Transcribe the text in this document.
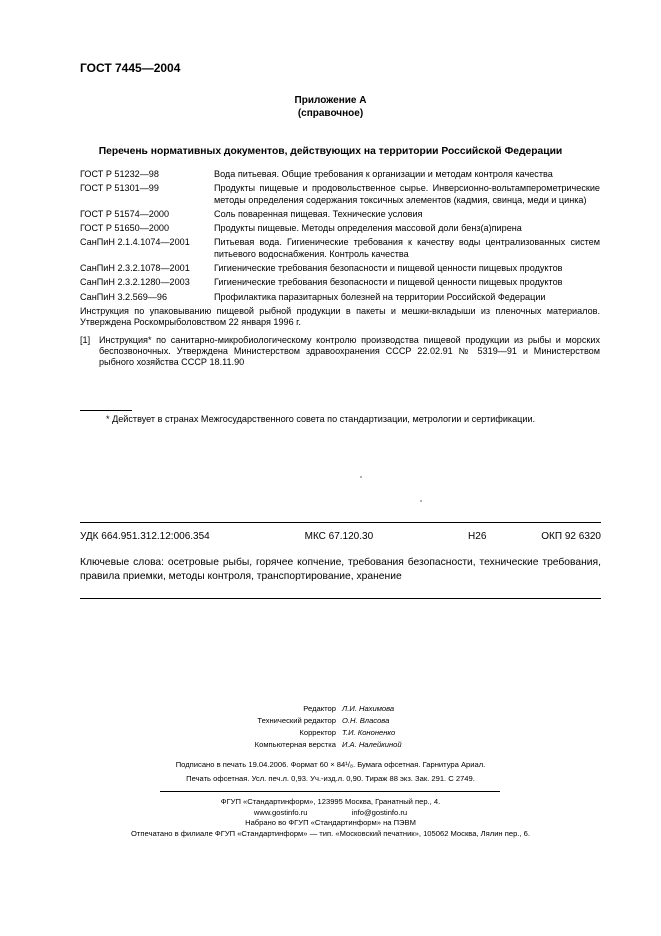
ГОСТ 7445—2004
Приложение А
(справочное)
Перечень нормативных документов, действующих на территории Российской Федерации
ГОСТ Р 51232—98	Вода питьевая. Общие требования к организации и методам контроля качества
ГОСТ Р 51301—99	Продукты пищевые и продовольственное сырье. Инверсионно-вольтамперометрические методы определения содержания токсичных элементов (кадмия, свинца, меди и цинка)
ГОСТ Р 51574—2000	Соль поваренная пищевая. Технические условия
ГОСТ Р 51650—2000	Продукты пищевые. Методы определения массовой доли бенз(а)пирена
СанПиН 2.1.4.1074—2001	Питьевая вода. Гигиенические требования к качеству воды централизованных систем питьевого водоснабжения. Контроль качества
СанПиН 2.3.2.1078—2001	Гигиенические требования безопасности и пищевой ценности пищевых продуктов
СанПиН 2.3.2.1280—2003	Гигиенические требования безопасности и пищевой ценности пищевых продуктов
СанПиН 3.2.569—96	Профилактика паразитарных болезней на территории Российской Федерации
Инструкция по упаковыванию пищевой рыбной продукции в пакеты и мешки-вкладыши из пленочных материалов. Утверждена Роскомрыболовством 22 января 1996 г.
[1] Инструкция* по санитарно-микробиологическому контролю производства пищевой продукции из рыбы и морских беспозвоночных. Утверждена Министерством здравоохранения СССР 22.02.91 № 5319—91 и Министерством рыбного хозяйства СССР 18.11.90
* Действует в странах Межгосударственного совета по стандартизации, метрологии и сертификации.
УДК 664.951.312.12:006.354	МКС 67.120.30	Н26	ОКП 92 6320
Ключевые слова: осетровые рыбы, горячее копчение, требования безопасности, технические требования, правила приемки, методы контроля, транспортирование, хранение
Редактор Л.И. Нахимова
Технический редактор О.Н. Власова
Корректор Т.И. Кононенко
Компьютерная верстка И.А. Налейкиной
Подписано в печать 19.04.2006. Формат 60 × 84¹/₈. Бумага офсетная. Гарнитура Ариал.
Печать офсетная. Усл. печ.л. 0,93. Уч.-изд.л. 0,90. Тираж 88 экз. Зак. 291. С 2749.
ФГУП «Стандартинформ», 123995 Москва, Гранатный пер., 4.
www.gostinfo.ru	info@gostinfo.ru
Набрано во ФГУП «Стандартинформ» на ПЭВМ
Отпечатано в филиале ФГУП «Стандартинформ» — тип. «Московский печатник», 105062 Москва, Лялин пер., 6.
